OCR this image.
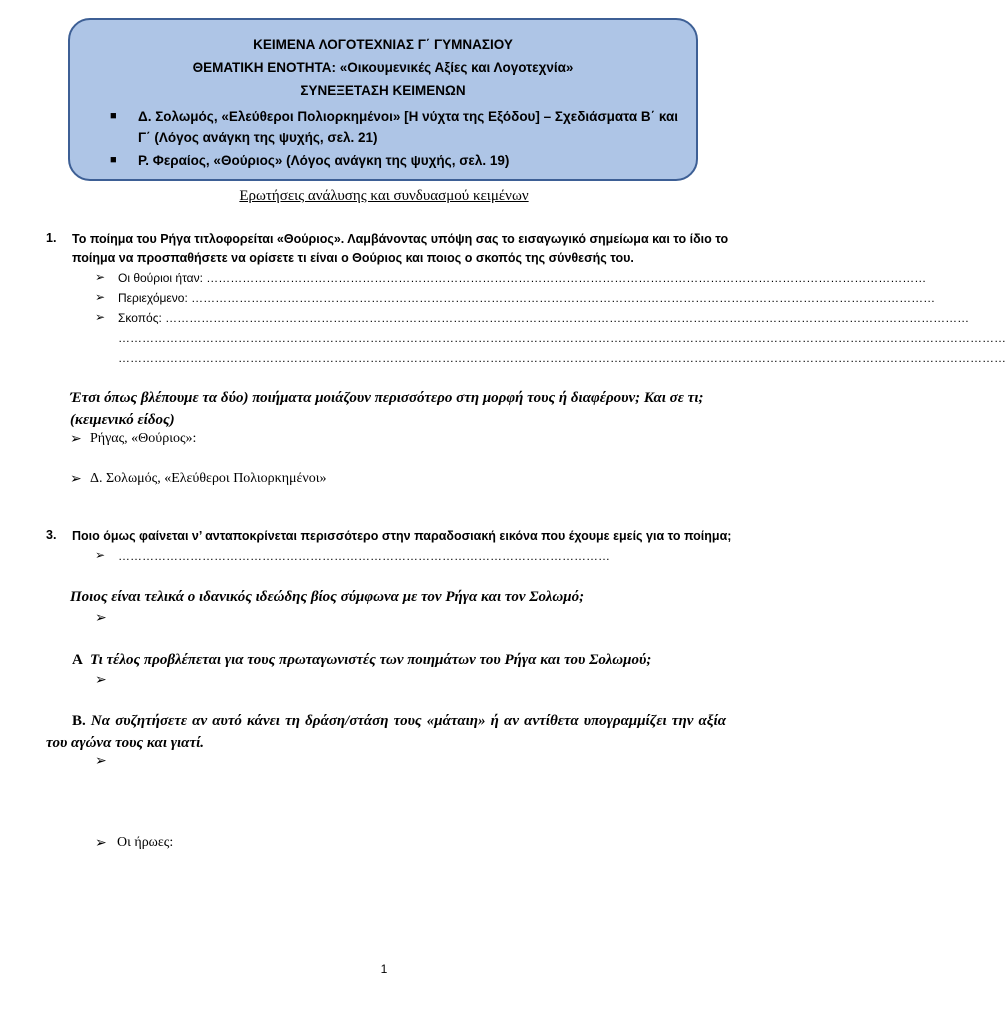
ΚΕΙΜΕΝΑ ΛΟΓΟΤΕΧΝΙΑΣ Γ΄ ΓΥΜΝΑΣΙΟΥ
ΘΕΜΑΤΙΚΗ ΕΝΟΤΗΤΑ: «Οικουμενικές Αξίες και Λογοτεχνία»
ΣΥΝΕΞΕΤΑΣΗ ΚΕΙΜΕΝΩΝ
■ Δ. Σολωμός, «Ελεύθεροι Πολιορκημένοι» [Η νύχτα της Εξόδου] – Σχεδιάσματα Β΄ και Γ΄ (Λόγος ανάγκη της ψυχής, σελ. 21)
■ Ρ. Φεραίος, «Θούριος» (Λόγος ανάγκη της ψυχής, σελ. 19)
Ερωτήσεις ανάλυσης και συνδυασμού κειμένων
1. Το ποίημα του Ρήγα τιτλοφορείται «Θούριος». Λαμβάνοντας υπόψη σας το εισαγωγικό σημείωμα και το ίδιο το ποίημα να προσπαθήσετε να ορίσετε τι είναι ο Θούριος και ποιος ο σκοπός της σύνθεσής του.
➢ Οι θούριοι ήταν: ………………………………………………………………………………………………………………………………………………………………
➢ Περιεχόμενο: ……………………………………………………………………………………………………………………………………………………………………
➢ Σκοπός: …………………………………………………………………………………………………………………………………………………………………………………
……………………………………………………………………………………………………………………………………………………………………………………………………
……………………………………………………………………………………………………………………………………………………………………………………………………
Έτσι όπως βλέπουμε τα δύο) ποιήματα μοιάζουν περισσότερο στη μορφή τους ή διαφέρουν; Και σε τι; (κειμενικό είδος)
➢ Ρήγας, «Θούριος»:
➢ Δ. Σολωμός, «Ελεύθεροι Πολιορκημένοι»
3. Ποιο όμως φαίνεται ν’ ανταποκρίνεται περισσότερο στην παραδοσιακή εικόνα που έχουμε εμείς για το ποίημα;
➢ ……………………………………………………………………………………………………………
Ποιος είναι τελικά ο ιδανικός ιδεώδης βίος σύμφωνα με τον Ρήγα και τον Σολωμό;
➢
Α Τι τέλος προβλέπεται για τους πρωταγωνιστές των ποιημάτων του Ρήγα και του Σολωμού;
➢
Β. Να συζητήσετε αν αυτό κάνει τη δράση/στάση τους «μάταιη» ή αν αντίθετα υπογραμμίζει την αξία του αγώνα τους και γιατί.
➢
➢ Οι ήρωες:
1
